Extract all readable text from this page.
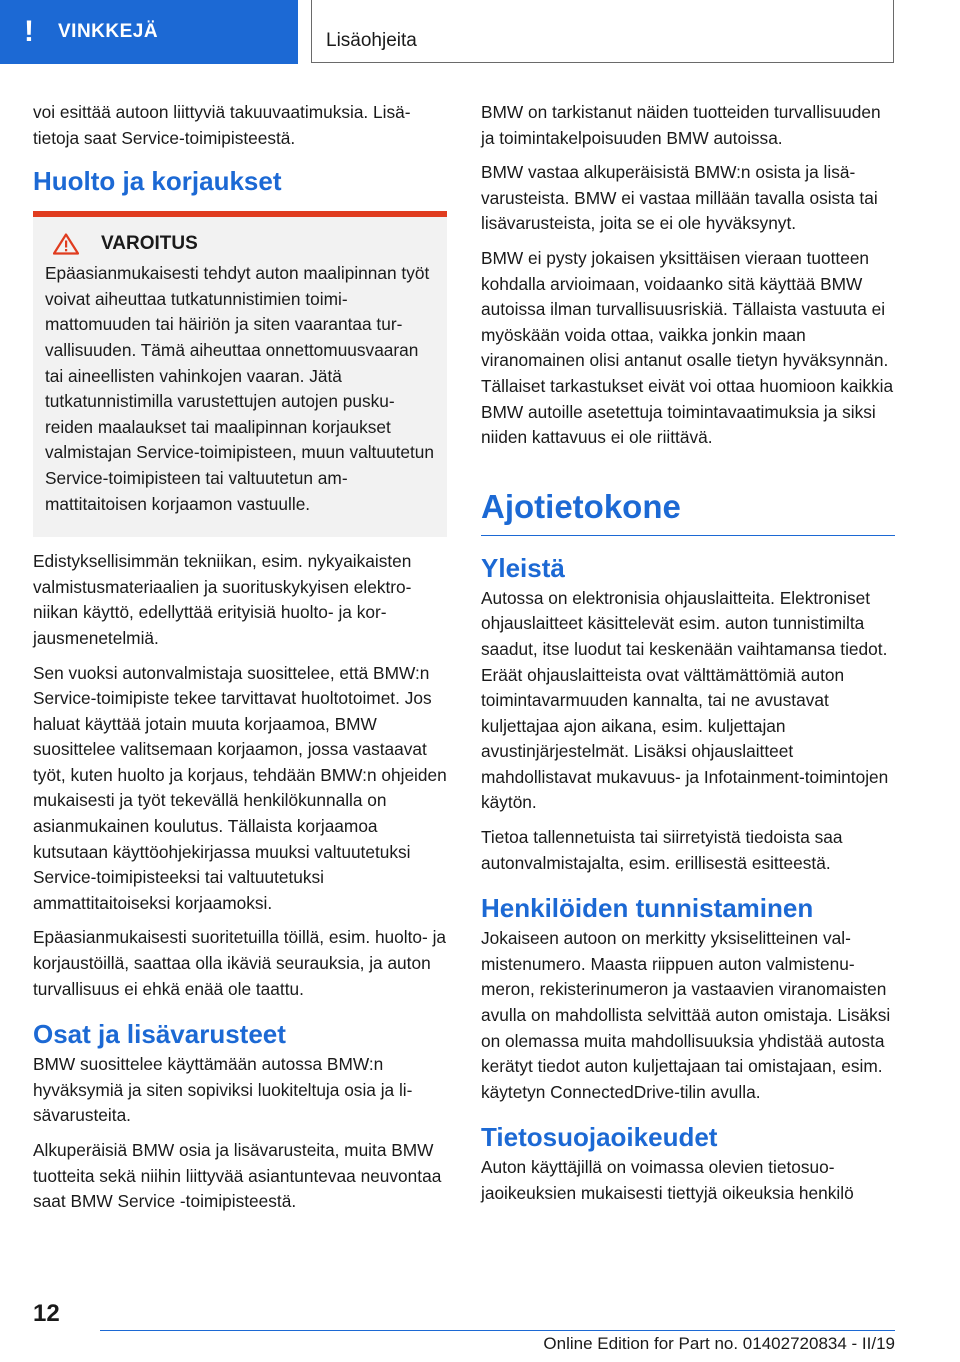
!	VINKKEJÄ	Lisäohjeita

voi esittää autoon liittyviä takuuvaatimuksia. Lisätietoja saat Service-toimipisteestä.

Huolto ja korjaukset
VAROITUS

Epäasianmukaisesti tehdyt auton maalipinnan työt voivat aiheuttaa tutkatunnistimien toimimattomuuden tai häiriön ja siten vaarantaa turvallisuuden. Tämä aiheuttaa onnettomuusvaaran tai aineellisten vahinkojen vaaran. Jätä tutkatunnistimilla varustettujen autojen puskureiden maalaukset tai maalipinnan korjaukset valmistajan Service-toimipisteen, muun valtuutetun Service-toimipisteen tai valtuutetun ammattitaitoisen korjaamon vastuulle.

Edistyksellisimmän tekniikan, esim. nykyaikaisten valmistusmateriaalien ja suorituskykyisen elektroniikan käyttö, edellyttää erityisiä huolto- ja korjausmenetelmiä.

Sen vuoksi autonvalmistaja suosittelee, että BMW:n Service-toimipiste tekee tarvittavat huoltotoimet. Jos haluat käyttää jotain muuta korjaamoa, BMW suosittelee valitsemaan korjaamon, jossa vastaavat työt, kuten huolto ja korjaus, tehdään BMW:n ohjeiden mukaisesti ja työt tekevällä henkilökunnalla on asianmukainen koulutus. Tällaista korjaamoa kutsutaan käyttöohjekirjassa muuksi valtuutetuksi Service-toimipisteeksi tai valtuutetuksi ammattitaitoiseksi korjaamoksi.

Epäasianmukaisesti suoritetuilla töillä, esim. huolto- ja korjaustöillä, saattaa olla ikäviä seurauksia, ja auton turvallisuus ei ehkä enää ole taattu.

Osat ja lisävarusteet

BMW suosittelee käyttämään autossa BMW:n hyväksymiä ja siten sopiviksi luokiteltuja osia ja lisävarusteita.

Alkuperäisiä BMW osia ja lisävarusteita, muita BMW tuotteita sekä niihin liittyvää asiantuntevaa neuvontaa saat BMW Service -toimipisteestä.

BMW on tarkistanut näiden tuotteiden turvallisuuden ja toimintakelpoisuuden BMW autoissa.

BMW vastaa alkuperäisistä BMW:n osista ja lisävarusteista. BMW ei vastaa millään tavalla osista tai lisävarusteista, joita se ei ole hyväksynyt.

BMW ei pysty jokaisen yksittäisen vieraan tuotteen kohdalla arvioimaan, voidaanko sitä käyttää BMW autoissa ilman turvallisuusriskiä. Tällaista vastuuta ei myöskään voida ottaa, vaikka jonkin maan viranomainen olisi antanut osalle tietyn hyväksynnän. Tällaiset tarkastukset eivät voi ottaa huomioon kaikkia BMW autoille asetettuja toimintavaatimuksia ja siksi niiden kattavuus ei ole riittävä.

Ajotietokone
Yleistä

Autossa on elektronisia ohjauslaitteita. Elektroniset ohjauslaitteet käsittelevät esim. auton tunnistimilta saadut, itse luodut tai keskenään vaihtamansa tiedot. Eräät ohjauslaitteista ovat välttämättömiä auton toimintavarmuuden kannalta, tai ne avustavat kuljettajaa ajon aikana, esim. kuljettajan avustinjärjestelmät. Lisäksi ohjauslaitteet mahdollistavat mukavuus- ja Infotainment-toimintojen käytön.

Tietoa tallennetuista tai siirretyistä tiedoista saa autonvalmistajalta, esim. erillisestä esitteestä.

Henkilöiden tunnistaminen

Jokaiseen autoon on merkitty yksiselitteinen valmistenumero. Maasta riippuen auton valmistenumeron, rekisterinumeron ja vastaavien viranomaisten avulla on mahdollista selvittää auton omistaja. Lisäksi on olemassa muita mahdollisuuksia yhdistää autosta kerätyt tiedot auton kuljettajaan tai omistajaan, esim. käytetyn ConnectedDrive-tilin avulla.

Tietosuojaoikeudet

Auton käyttäjillä on voimassa olevien tietosuojaoikeuksien mukaisesti tiettyjä oikeuksia henkilö

12
Online Edition for Part no. 01402720834 - II/19
